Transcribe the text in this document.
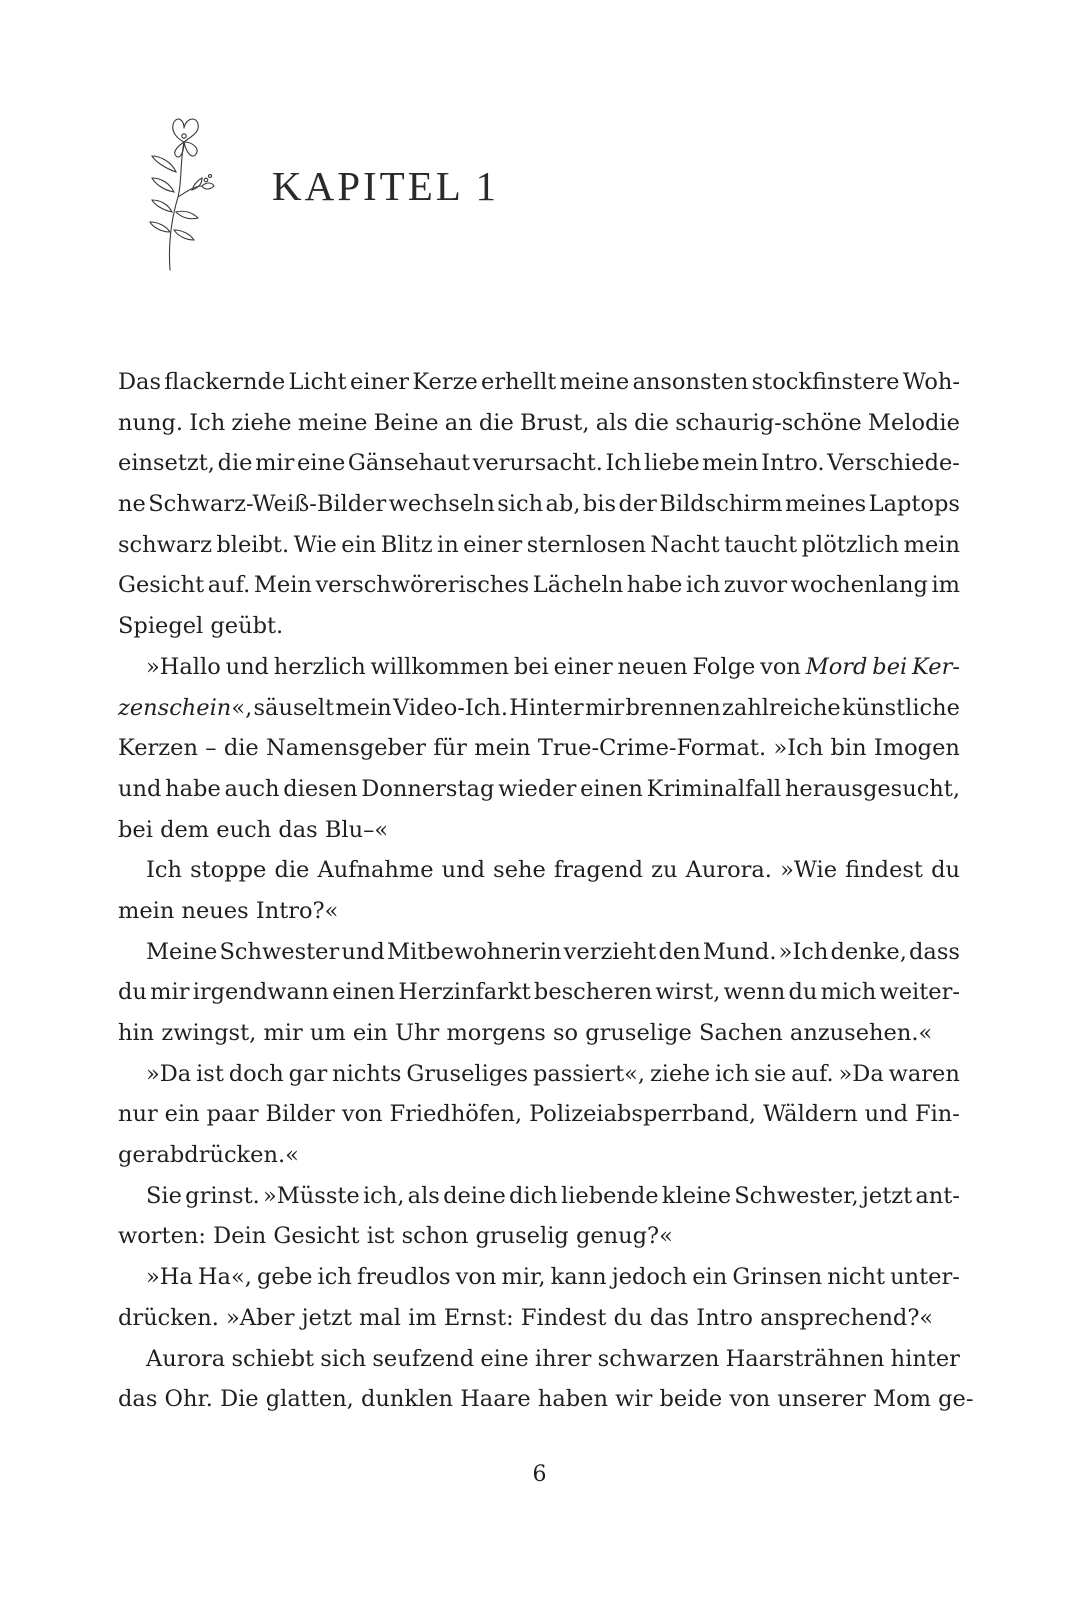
KAPITEL 1
Das flackernde Licht einer Kerze erhellt meine ansonsten stockfinstere Woh-
nung. Ich ziehe meine Beine an die Brust, als die schaurig-schöne Melodie
einsetzt, die mir eine Gänsehaut verursacht. Ich liebe mein Intro. Verschiede-
ne Schwarz-Weiß-Bilder wechseln sich ab, bis der Bildschirm meines Laptops
schwarz bleibt. Wie ein Blitz in einer sternlosen Nacht taucht plötzlich mein
Gesicht auf. Mein verschwörerisches Lächeln habe ich zuvor wochenlang im
Spiegel
geübt.
»Hallo und herzlich willkommen bei einer neuen Folge von Mord bei Ker-
zenschein«, säuselt mein Video-Ich. Hinter mir brennen zahlreiche künstliche
Kerzen – die Namensgeber für mein True-Crime-Format. »Ich bin Imogen
und habe auch diesen Donnerstag wieder einen Kriminalfall herausgesucht,
bei
dem
euch
das
Blu–«
Ich stoppe die Aufnahme und sehe fragend zu Aurora. »Wie findest du
mein
neues
Intro?«
Meine Schwester und Mitbewohnerin verzieht den Mund. »Ich denke, dass
du mir irgendwann einen Herzinfarkt bescheren wirst, wenn du mich weiter-
hin
zwingst,
mir
um
ein
Uhr
morgens
so
gruselige
Sachen
anzusehen.«
»Da ist doch gar nichts Gruseliges passiert«, ziehe ich sie auf. »Da waren
nur ein paar Bilder von Friedhöfen, Polizeiabsperrband, Wäldern und Fin-
gerabdrücken.«
Sie grinst. »Müsste ich, als deine dich liebende kleine Schwester, jetzt ant-
worten:
Dein
Gesicht
ist
schon
gruselig
genug?«
»Ha Ha«, gebe ich freudlos von mir, kann jedoch ein Grinsen nicht unter-
drücken.
»Aber
jetzt
mal
im
Ernst:
Findest
du
das
Intro
ansprechend?«
Aurora schiebt sich seufzend eine ihrer schwarzen Haarsträhnen hinter
das
Ohr.
Die
glatten,
dunklen
Haare
haben
wir
beide
von
unserer
Mom
ge-
6
